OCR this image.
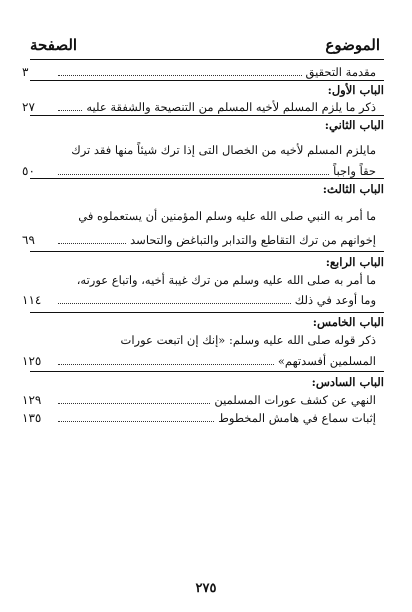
الموضوع
الصفحة
مقدمة التحقيق
٣
الباب الأول:
ذكر ما يلزم المسلم لأخيه المسلم من التنصيحة والشفقة عليه
٢٧
الباب الثاني:
مايلزم المسلم لأخيه من الخصال التى إذا ترك شيئاً منها فقد ترك
حقاً واجباً
٥٠
الباب الثالث:
ما أمر به النبي صلى الله عليه وسلم المؤمنين أن يستعملوه في
إخوانهم من ترك التقاطع والتدابر والتباغض والتحاسد
٦٩
الباب الرابع:
ما أمر به صلى الله عليه وسلم من ترك غيبة أخيه، واتباع عورته،
وما أوعد في ذلك
١١٤
الباب الخامس:
ذكر قوله صلى الله عليه وسلم: «إنك إن اتبعت عورات
المسلمين أفسدتهم»
١٢٥
الباب السادس:
النهي عن كشف عورات المسلمين
١٢٩
إثبات سماع في هامش المخطوط
١٣٥
٢٧٥
